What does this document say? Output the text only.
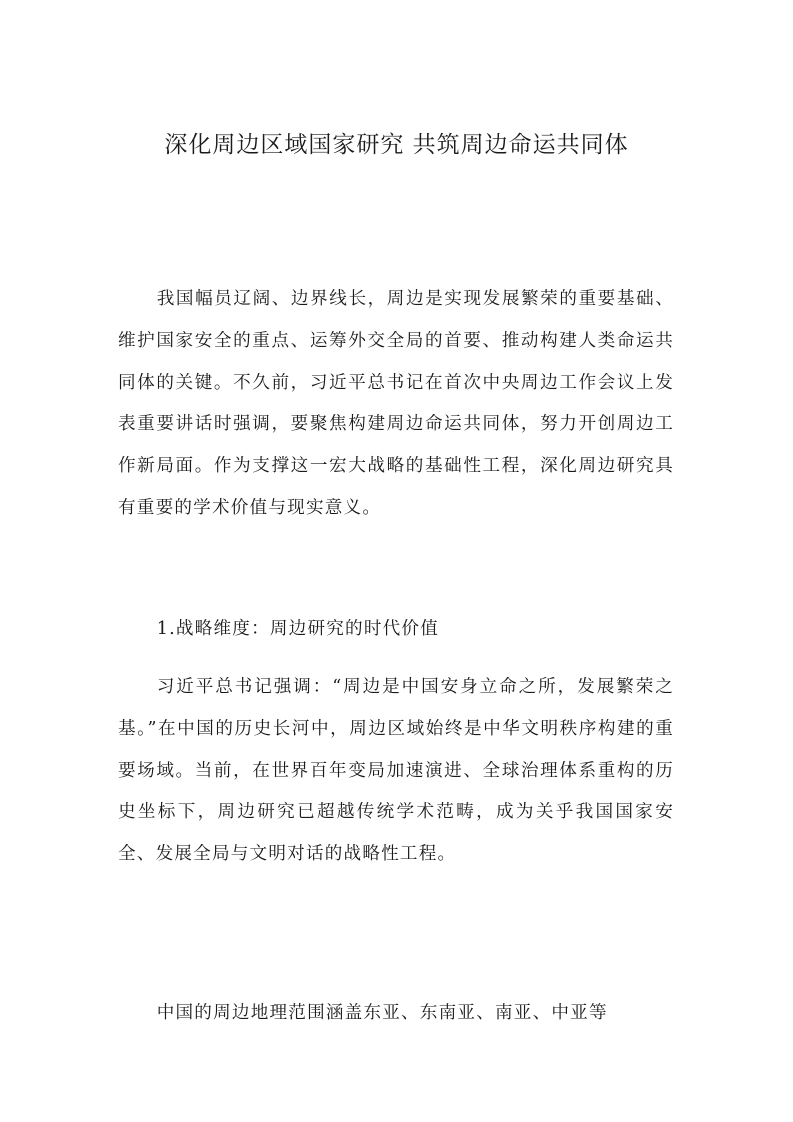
深化周边区域国家研究 共筑周边命运共同体

我国幅员辽阔、边界线长，周边是实现发展繁荣的重要基础、维护国家安全的重点、运筹外交全局的首要、推动构建人类命运共同体的关键。不久前，习近平总书记在首次中央周边工作会议上发表重要讲话时强调，要聚焦构建周边命运共同体，努力开创周边工作新局面。作为支撑这一宏大战略的基础性工程，深化周边研究具有重要的学术价值与现实意义。

1.战略维度：周边研究的时代价值

习近平总书记强调：“周边是中国安身立命之所，发展繁荣之基。”在中国的历史长河中，周边区域始终是中华文明秩序构建的重要场域。当前，在世界百年变局加速演进、全球治理体系重构的历史坐标下，周边研究已超越传统学术范畴，成为关乎我国国家安全、发展全局与文明对话的战略性工程。

中国的周边地理范围涵盖东亚、东南亚、南亚、中亚等
